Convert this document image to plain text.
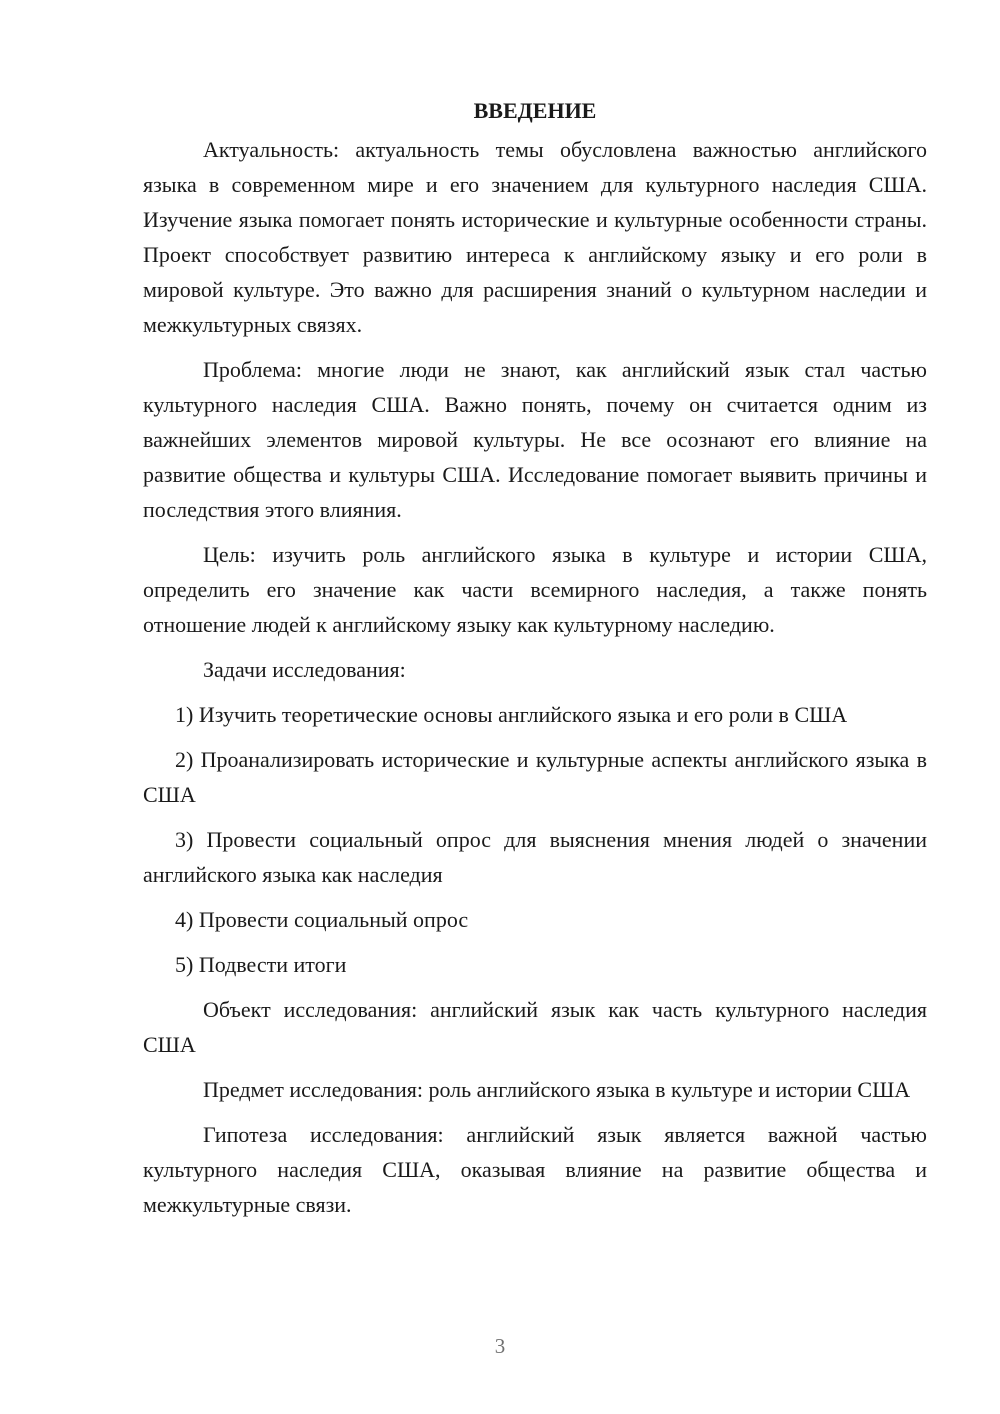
ВВЕДЕНИЕ

Актуальность: актуальность темы обусловлена важностью английского языка в современном мире и его значением для культурного наследия США. Изучение языка помогает понять исторические и культурные особенности страны. Проект способствует развитию интереса к английскому языку и его роли в мировой культуре. Это важно для расширения знаний о культурном наследии и межкультурных связях.

Проблема: многие люди не знают, как английский язык стал частью культурного наследия США. Важно понять, почему он считается одним из важнейших элементов мировой культуры. Не все осознают его влияние на развитие общества и культуры США. Исследование помогает выявить причины и последствия этого влияния.

Цель: изучить роль английского языка в культуре и истории США, определить его значение как части всемирного наследия, а также понять отношение людей к английскому языку как культурному наследию.

Задачи исследования:

1) Изучить теоретические основы английского языка и его роли в США

2) Проанализировать исторические и культурные аспекты английского языка в США

3) Провести социальный опрос для выяснения мнения людей о значении английского языка как наследия

4) Провести социальный опрос

5) Подвести итоги

Объект исследования: английский язык как часть культурного наследия США

Предмет исследования: роль английского языка в культуре и истории США

Гипотеза исследования: английский язык является важной частью культурного наследия США, оказывая влияние на развитие общества и межкультурные связи.

3
